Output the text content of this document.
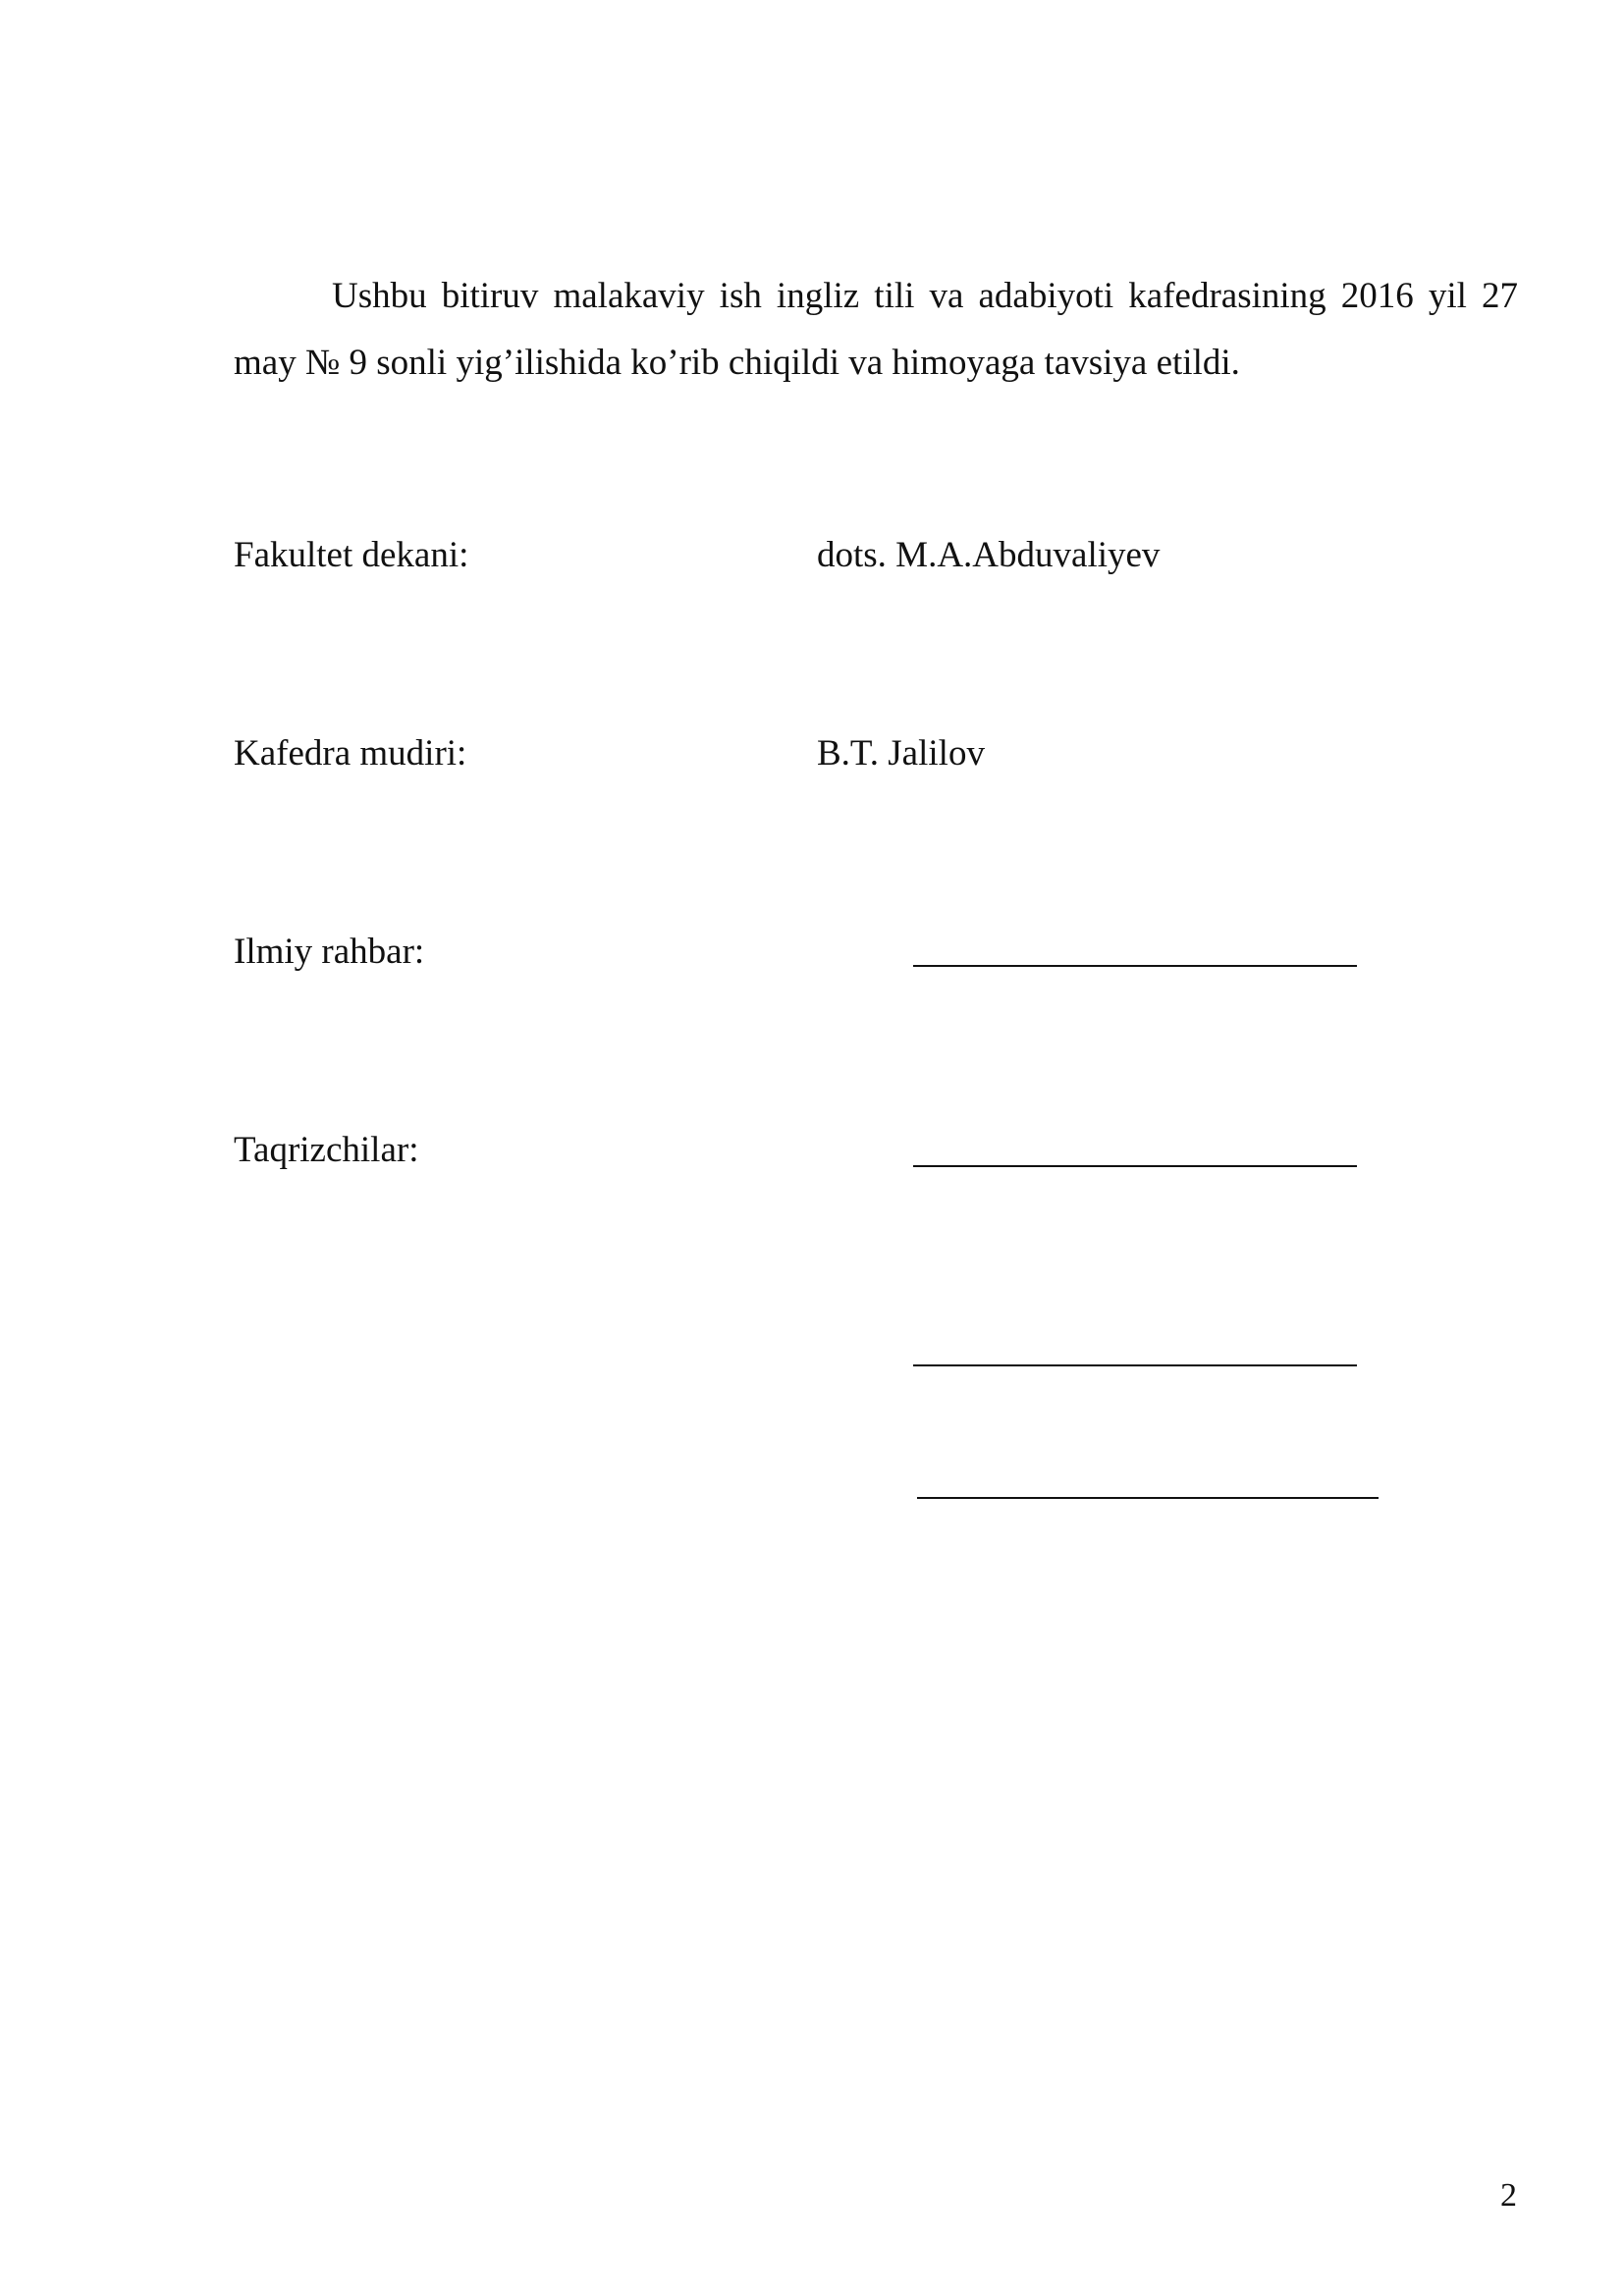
Ushbu bitiruv malakaviy ish ingliz tili va adabiyoti kafedrasining 2016 yil 27 may № 9 sonli yig’ilishida ko’rib chiqildi va himoyaga tavsiya etildi.

Fakultet dekani:	dots. M.A.Abduvaliyev
Kafedra mudiri:	B.T. Jalilov
Ilmiy rahbar:
Taqrizchilar:
2
